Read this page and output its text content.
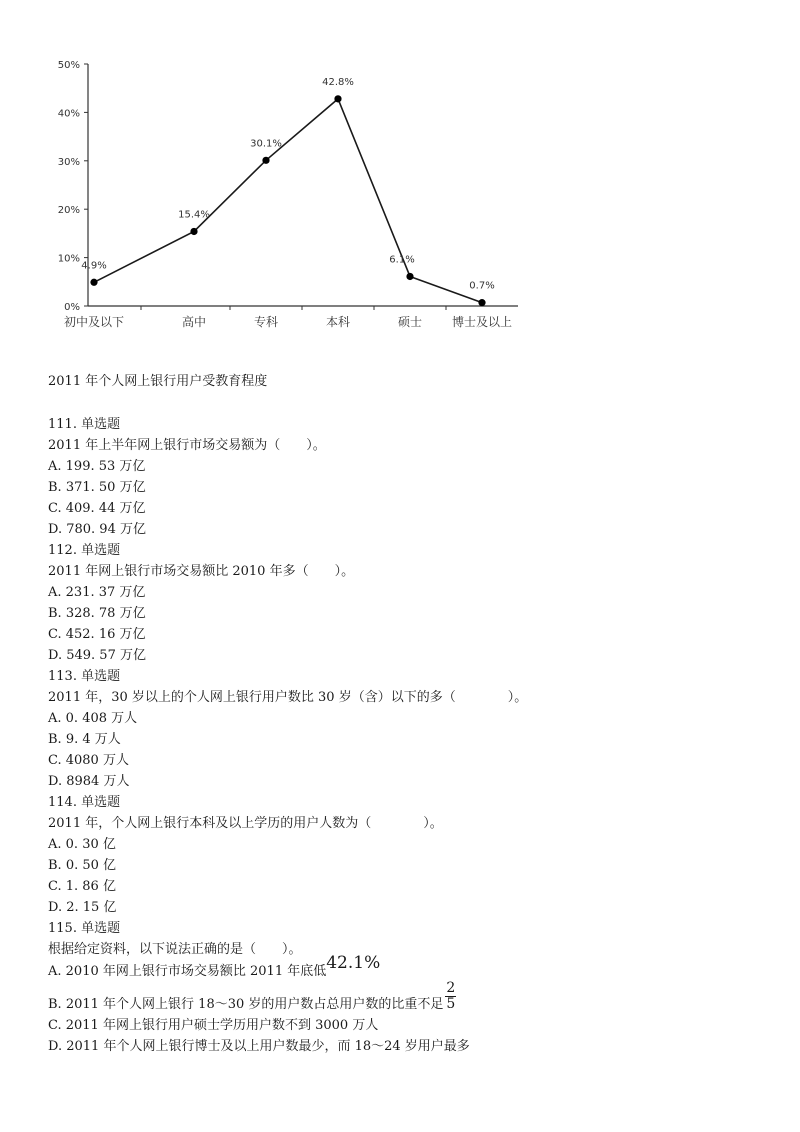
0%
10%
20%
30%
40%
50%
4.9%
15.4%
30.1%
42.8%
6.1%
0.7%
初中及以下	高中	专科	本科	硕士 博士及以上
2011 年个人网上银行用户受教育程度
111. 单选题
2011 年上半年网上银行市场交易额为（　　）。
A. 199. 53 万亿
B. 371. 50 万亿
C. 409. 44 万亿
D. 780. 94 万亿
112. 单选题
2011 年网上银行市场交易额比 2010 年多（　　）。
A. 231. 37 万亿
B. 328. 78 万亿
C. 452. 16 万亿
D. 549. 57 万亿
113. 单选题
2011 年，30 岁以上的个人网上银行用户数比 30 岁（含）以下的多（　　　　）。
A. 0. 408 万人
B. 9. 4 万人
C. 4080 万人
D. 8984 万人
114. 单选题
2011 年，个人网上银行本科及以上学历的用户人数为（　　　　）。
A. 0. 30 亿
B. 0. 50 亿
C. 1. 86 亿
D. 2. 15 亿
115. 单选题
根据给定资料，以下说法正确的是（　　）。
A. 2010 年网上银行市场交易额比 2011 年底低42.1%
B. 2011 年个人网上银行 18～30 岁的用户数占总用户数的比重不足 $\frac{2}{5}$
C. 2011 年网上银行用户硕士学历用户数不到 3000 万人
D. 2011 年个人网上银行博士及以上用户数最少，而 18～24 岁用户最多
